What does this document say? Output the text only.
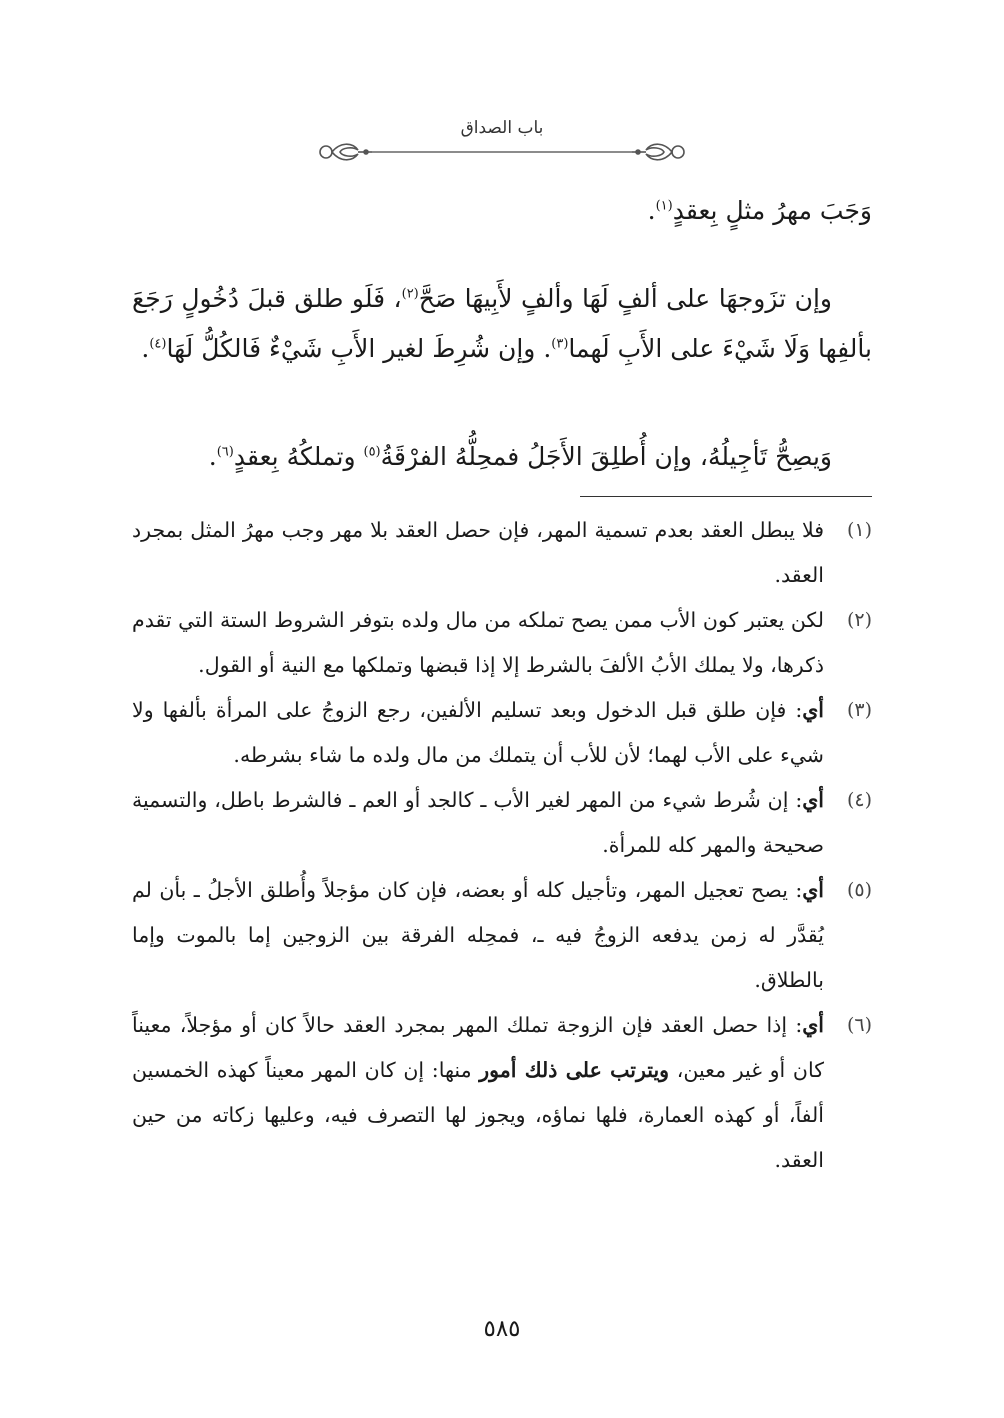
باب الصداق

وَجَبَ مهرُ مثلٍ بِعقدٍ$^{(١)}$.

وإن تزَوجهَا على ألفٍ لَهَا وألفٍ لأَبِيهَا صَحَّ$^{(٢)}$، فَلَو طلق قبلَ دُخُولٍ رَجَعَ بألفِها وَلَا شَيْءَ على الأَبِ لَهما$^{(٣)}$. وإن شُرِطَ لغير الأَبِ شَيْءٌ فَالكُلُّ لَهَا$^{(٤)}$.

وَيصِحُّ تَأجِيلُهُ، وإن أُطلِقَ الأَجَلُ فمحِلُّهُ الفرْقَةُ$^{(٥)}$ وتملكُهُ بِعقدٍ$^{(٦)}$.

(١)
فلا يبطل العقد بعدم تسمية المهر، فإن حصل العقد بلا مهر وجب مهرُ المثل بمجرد العقد.
(٢)
لكن يعتبر كون الأب ممن يصح تملكه من مال ولده بتوفر الشروط الستة التي تقدم ذكرها، ولا يملك الأبُ الألفَ بالشرط إلا إذا قبضها وتملكها مع النية أو القول.
(٣)
أي: فإن طلق قبل الدخول وبعد تسليم الألفين، رجع الزوجُ على المرأة بألفها ولا شيء على الأب لهما؛ لأن للأب أن يتملك من مال ولده ما شاء بشرطه.
(٤)
أي: إن شُرط شيء من المهر لغير الأب ـ كالجد أو العم ـ فالشرط باطل، والتسمية صحيحة والمهر كله للمرأة.
(٥)
أي: يصح تعجيل المهر، وتأجيل كله أو بعضه، فإن كان مؤجلاً وأُطلق الأجلُ ـ بأن لم يُقدَّر له زمن يدفعه الزوجُ فيه ـ، فمحِله الفرقة بين الزوجين إما بالموت وإما بالطلاق.
(٦)
أي: إذا حصل العقد فإن الزوجة تملك المهر بمجرد العقد حالاً كان أو مؤجلاً، معيناً كان أو غير معين، ويترتب على ذلك أمور منها: إن كان المهر معيناً كهذه الخمسين ألفاً، أو كهذه العمارة، فلها نماؤه، ويجوز لها التصرف فيه، وعليها زكاته من حين العقد.
٥٨٥
